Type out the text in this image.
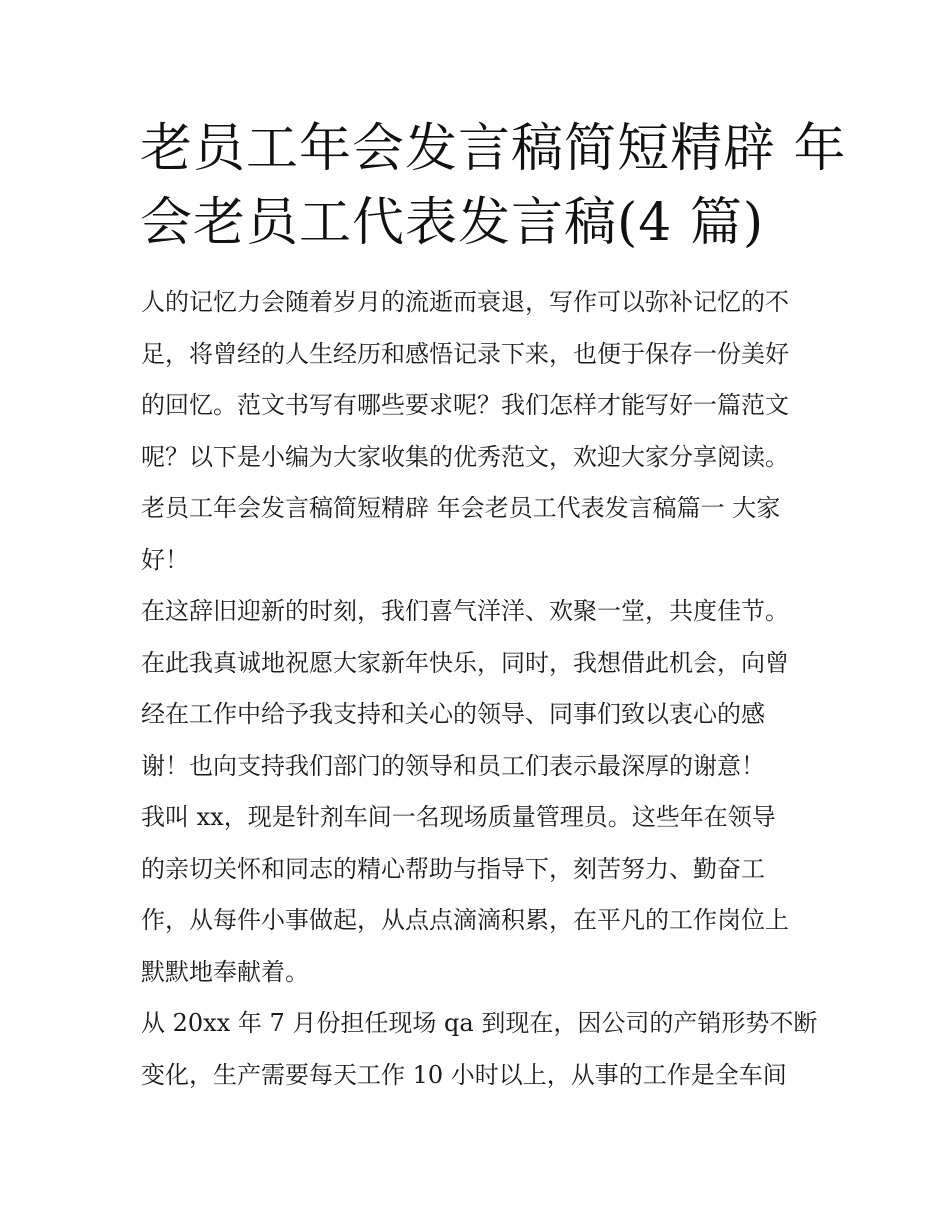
老员工年会发言稿简短精辟 年
会老员工代表发言稿(4 篇)
人的记忆力会随着岁月的流逝而衰退，写作可以弥补记忆的不
足，将曾经的人生经历和感悟记录下来，也便于保存一份美好
的回忆。范文书写有哪些要求呢？我们怎样才能写好一篇范文
呢？以下是小编为大家收集的优秀范文，欢迎大家分享阅读。
老员工年会发言稿简短精辟 年会老员工代表发言稿篇一 大家
好！
在这辞旧迎新的时刻，我们喜气洋洋、欢聚一堂，共度佳节。
在此我真诚地祝愿大家新年快乐，同时，我想借此机会，向曾
经在工作中给予我支持和关心的领导、同事们致以衷心的感
谢！也向支持我们部门的领导和员工们表示最深厚的谢意！
我叫 xx，现是针剂车间一名现场质量管理员。这些年在领导
的亲切关怀和同志的精心帮助与指导下，刻苦努力、勤奋工
作，从每件小事做起，从点点滴滴积累，在平凡的工作岗位上
默默地奉献着。
从 20xx 年 7 月份担任现场 qa 到现在，因公司的产销形势不断
变化，生产需要每天工作 10 小时以上，从事的工作是全车间
